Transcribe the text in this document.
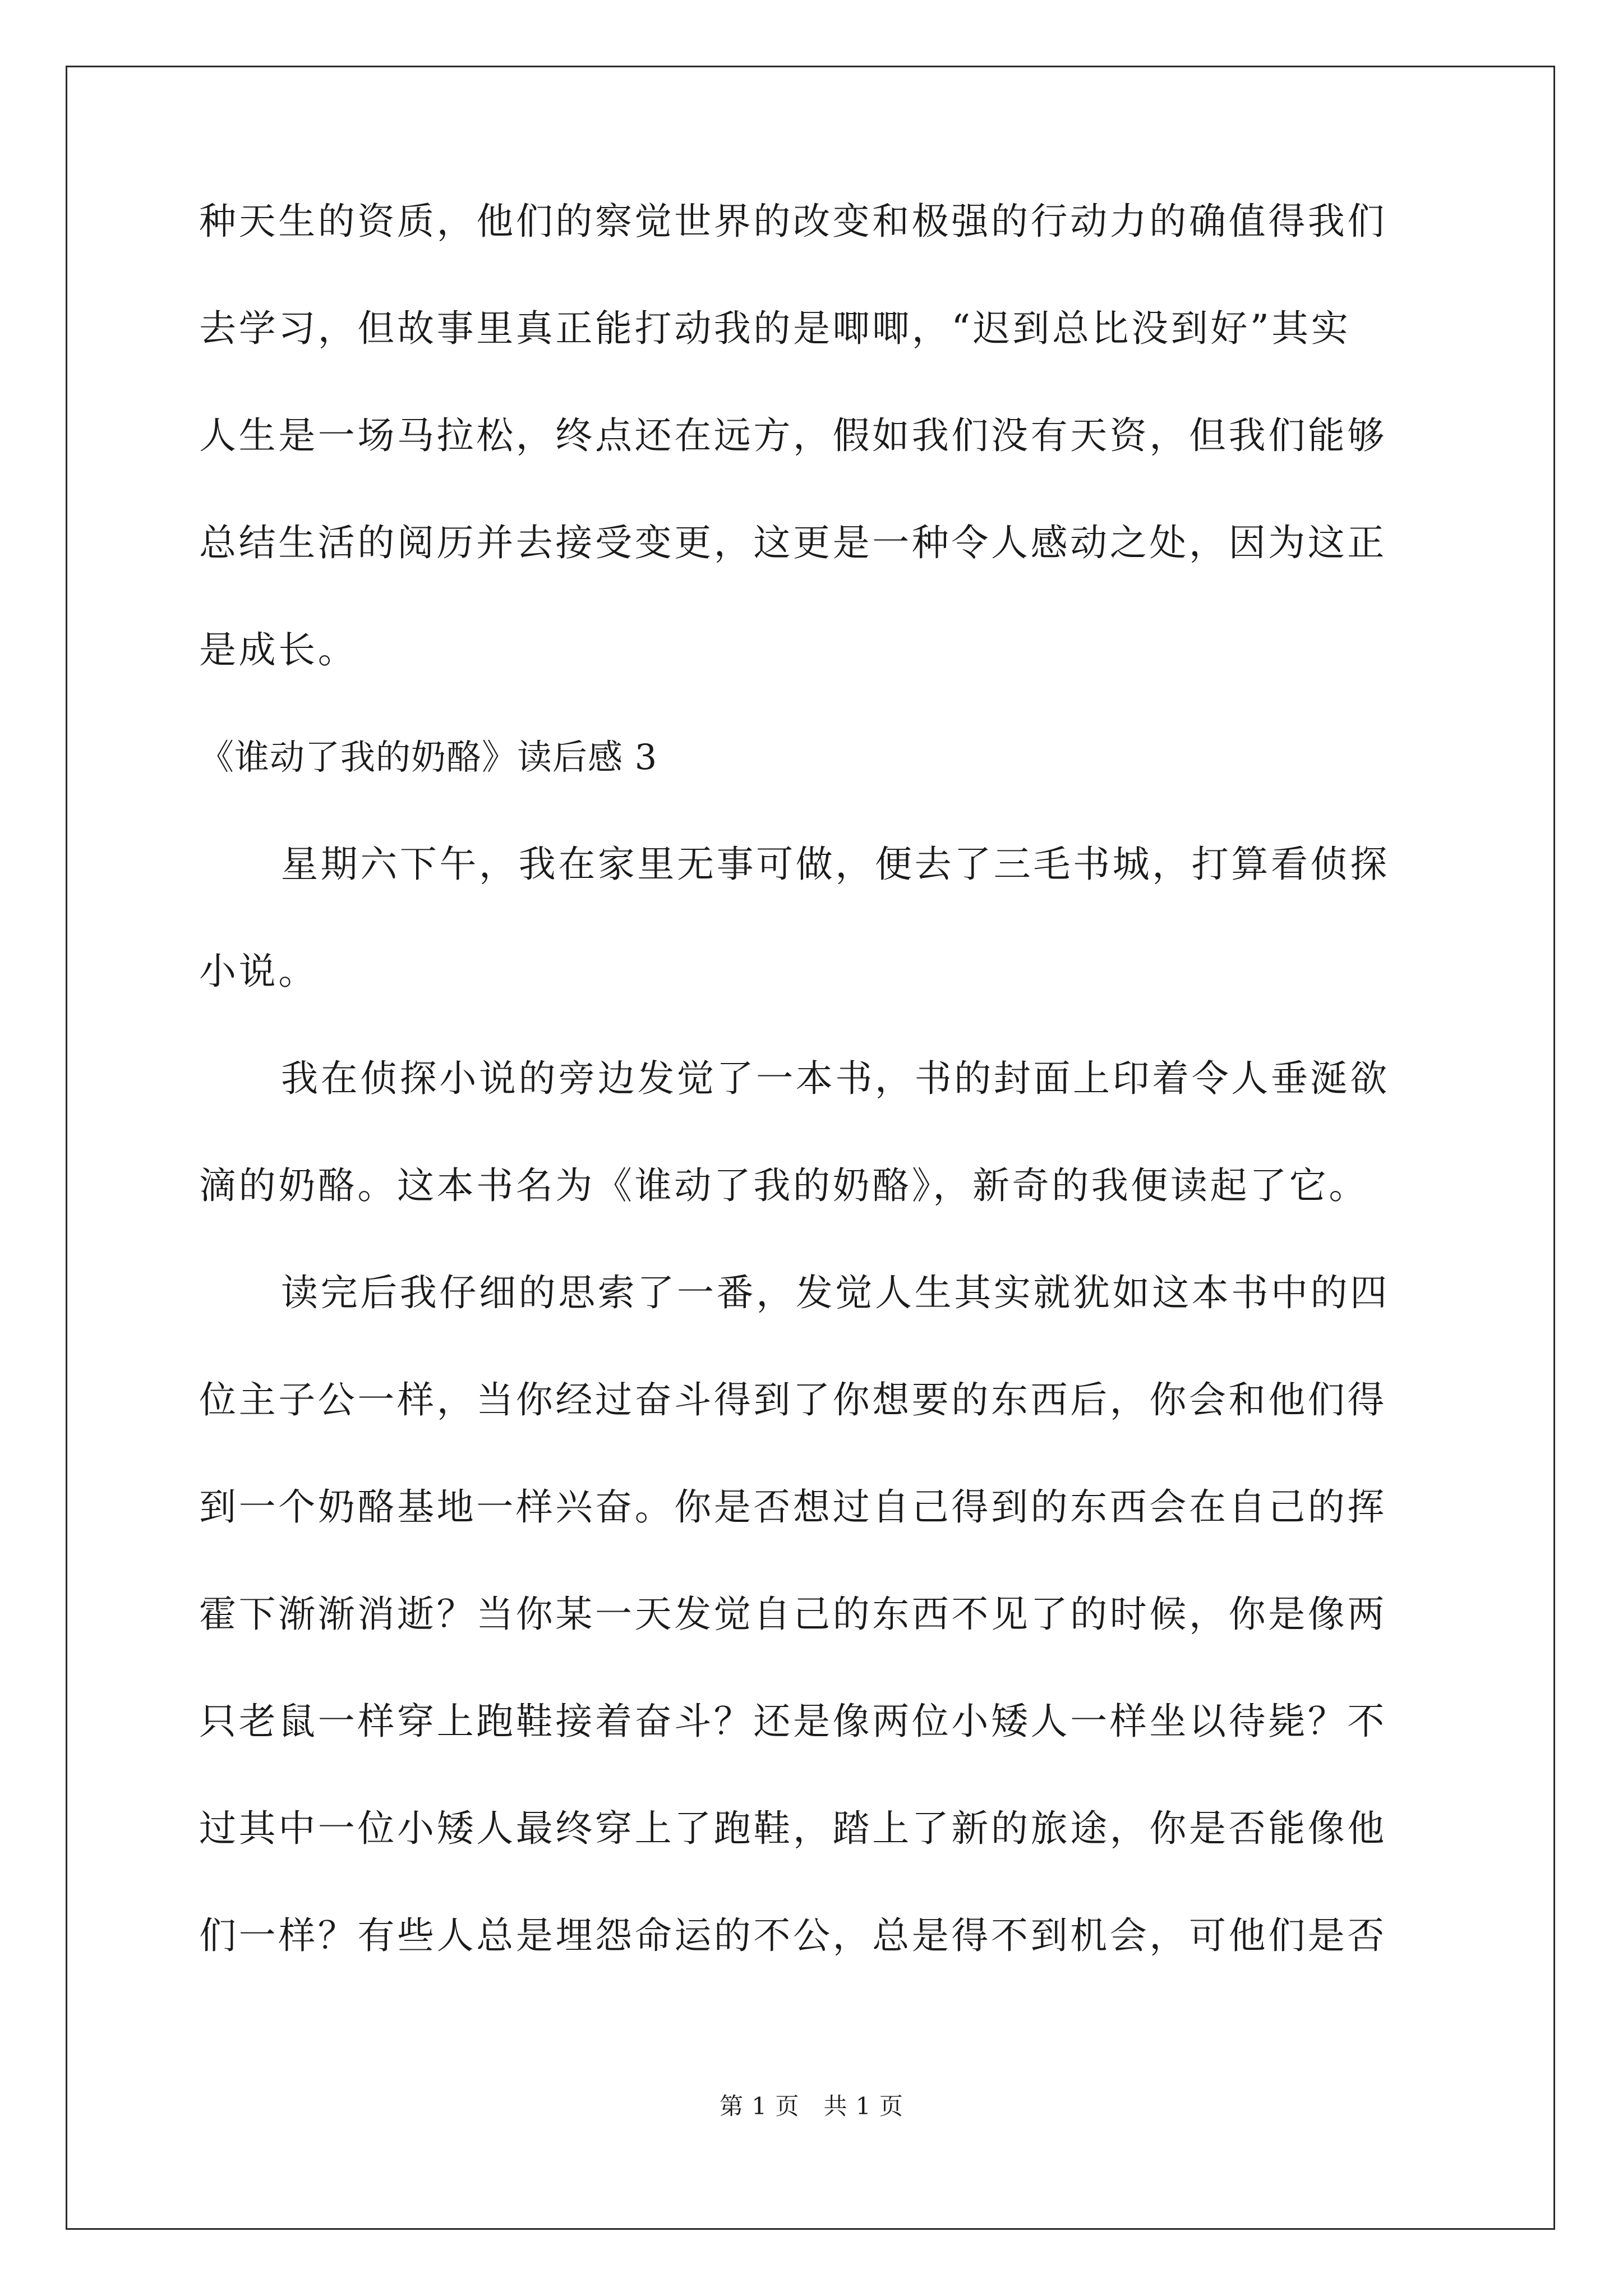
种天生的资质，他们的察觉世界的改变和极强的行动力的确值得我们
去学习，但故事里真正能打动我的是唧唧，“迟到总比没到好”其实
人生是一场马拉松，终点还在远方，假如我们没有天资，但我们能够
总结生活的阅历并去接受变更，这更是一种令人感动之处，因为这正
是成长。
《谁动了我的奶酪》读后感 3
星期六下午，我在家里无事可做，便去了三毛书城，打算看侦探
小说。
我在侦探小说的旁边发觉了一本书，书的封面上印着令人垂涎欲
滴的奶酪。这本书名为《谁动了我的奶酪》，新奇的我便读起了它。
读完后我仔细的思索了一番，发觉人生其实就犹如这本书中的四
位主子公一样，当你经过奋斗得到了你想要的东西后，你会和他们得
到一个奶酪基地一样兴奋。你是否想过自己得到的东西会在自己的挥
霍下渐渐消逝？当你某一天发觉自己的东西不见了的时候，你是像两
只老鼠一样穿上跑鞋接着奋斗？还是像两位小矮人一样坐以待毙？不
过其中一位小矮人最终穿上了跑鞋，踏上了新的旅途，你是否能像他
们一样？有些人总是埋怨命运的不公，总是得不到机会，可他们是否
第 1 页　共 1 页
